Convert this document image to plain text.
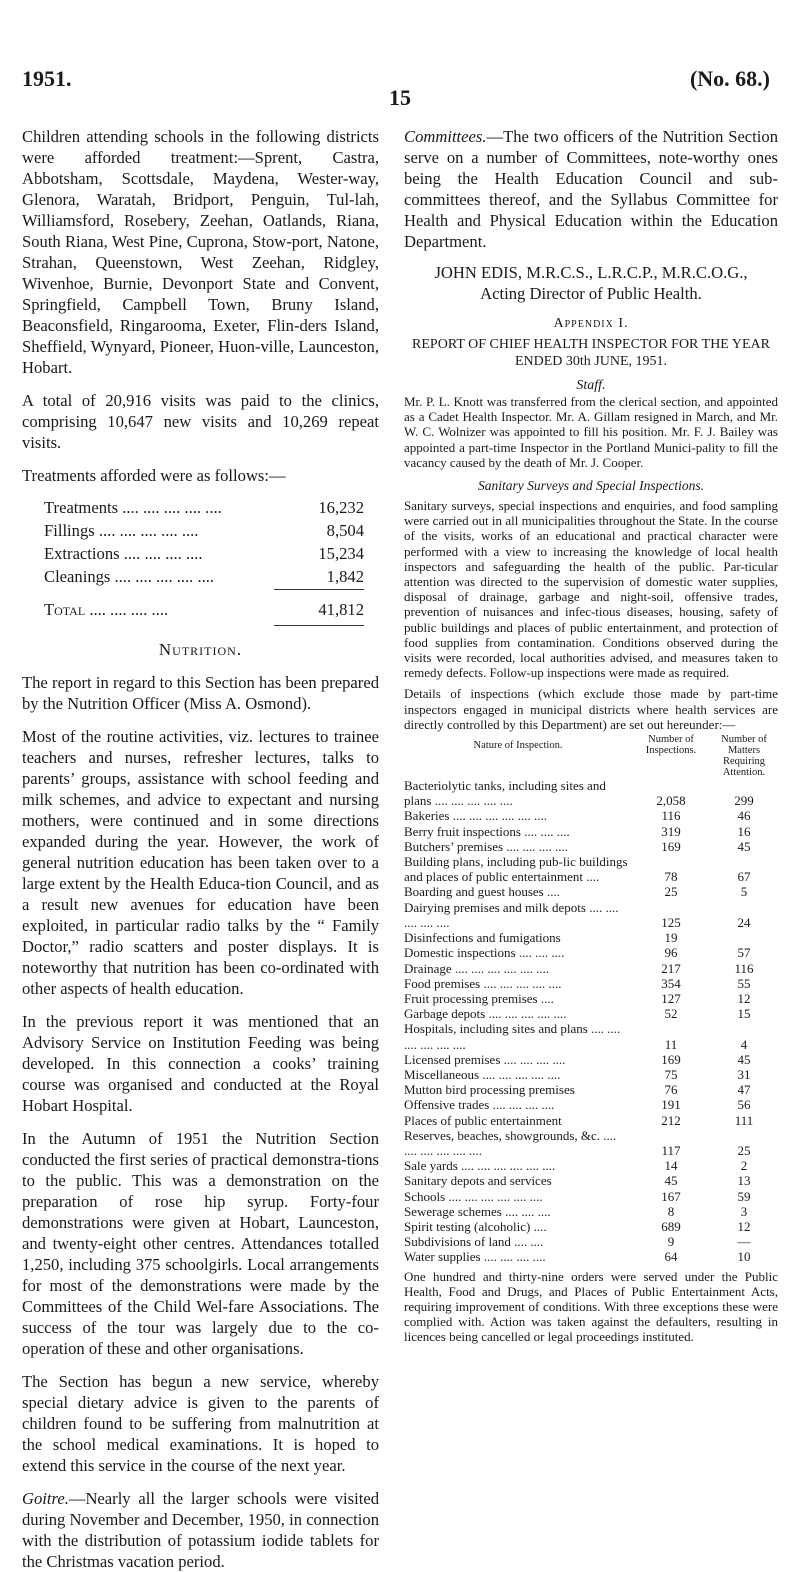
1951.
15
(No. 68.)

Children attending schools in the following districts were afforded treatment:—Sprent, Castra, Abbotsham, Scottsdale, Maydena, Wester-way, Glenora, Waratah, Bridport, Penguin, Tul-lah, Williamsford, Rosebery, Zeehan, Oatlands, Riana, South Riana, West Pine, Cuprona, Stow-port, Natone, Strahan, Queenstown, West Zeehan, Ridgley, Wivenhoe, Burnie, Devonport State and Convent, Springfield, Campbell Town, Bruny Island, Beaconsfield, Ringarooma, Exeter, Flin-ders Island, Sheffield, Wynyard, Pioneer, Huon-ville, Launceston, Hobart.

A total of 20,916 visits was paid to the clinics, comprising 10,647 new visits and 10,269 repeat visits.

Treatments afforded were as follows:—

Treatments .... .... .... .... ....	16,232
Fillings .... .... .... .... ....	8,504
Extractions .... .... .... ....	15,234
Cleanings .... .... .... .... ....	1,842

Total .... .... .... ....	41,812

Nutrition.

The report in regard to this Section has been prepared by the Nutrition Officer (Miss A. Osmond).

Most of the routine activities, viz. lectures to trainee teachers and nurses, refresher lectures, talks to parents’ groups, assistance with school feeding and milk schemes, and advice to expectant and nursing mothers, were continued and in some directions expanded during the year. However, the work of general nutrition education has been taken over to a large extent by the Health Educa-tion Council, and as a result new avenues for education have been exploited, in particular radio talks by the “ Family Doctor,” radio scatters and poster displays. It is noteworthy that nutrition has been co-ordinated with other aspects of health education.

In the previous report it was mentioned that an Advisory Service on Institution Feeding was being developed. In this connection a cooks’ training course was organised and conducted at the Royal Hobart Hospital.

In the Autumn of 1951 the Nutrition Section conducted the first series of practical demonstra-tions to the public. This was a demonstration on the preparation of rose hip syrup. Forty-four demonstrations were given at Hobart, Launceston, and twenty-eight other centres. Attendances totalled 1,250, including 375 schoolgirls. Local arrangements for most of the demonstrations were made by the Committees of the Child Wel-fare Associations. The success of the tour was largely due to the co-operation of these and other organisations.

The Section has begun a new service, whereby special dietary advice is given to the parents of children found to be suffering from malnutrition at the school medical examinations. It is hoped to extend this service in the course of the next year.

Goitre.—Nearly all the larger schools were visited during November and December, 1950, in connection with the distribution of potassium iodide tablets for the Christmas vacation period.

Committees.—The two officers of the Nutrition Section serve on a number of Committees, note-worthy ones being the Health Education Council and sub-committees thereof, and the Syllabus Committee for Health and Physical Education within the Education Department.

JOHN EDIS, M.R.C.S., L.R.C.P., M.R.C.O.G.,

Acting Director of Public Health.

Appendix I.

REPORT OF CHIEF HEALTH INSPECTOR FOR THE YEAR ENDED 30th JUNE, 1951.

Staff.

Mr. P. L. Knott was transferred from the clerical section, and appointed as a Cadet Health Inspector. Mr. A. Gillam resigned in March, and Mr. W. C. Wolnizer was appointed to fill his position. Mr. F. J. Bailey was appointed a part-time Inspector in the Portland Munici-pality to fill the vacancy caused by the death of Mr. J. Cooper.

Sanitary Surveys and Special Inspections.

Sanitary surveys, special inspections and enquiries, and food sampling were carried out in all municipalities throughout the State. In the course of the visits, works of an educational and practical character were performed with a view to increasing the knowledge of local health inspectors and safeguarding the health of the public. Par-ticular attention was directed to the supervision of domestic water supplies, disposal of drainage, garbage and night-soil, offensive trades, prevention of nuisances and infec-tious diseases, housing, safety of public buildings and places of public entertainment, and protection of food supplies from contamination. Conditions observed during the visits were recorded, local authorities advised, and measures taken to remedy defects. Follow-up inspections were made as required.

Details of inspections (which exclude those made by part-time inspectors engaged in municipal districts where health services are directly controlled by this Department) are set out hereunder:—

Nature of Inspection.	Number of Inspections.	Number of Matters Requiring Attention.
Bacteriolytic tanks, including sites and plans .... .... .... .... ....	2,058	299
Bakeries .... .... .... .... .... ....	116	46
Berry fruit inspections .... .... ....	319	16
Butchers’ premises .... .... .... ....	169	45
Building plans, including pub-lic buildings and places of public entertainment ....	78	67
Boarding and guest houses ....	25	5
Dairying premises and milk depots .... .... .... .... ....	125	24
Disinfections and fumigations	19	
Domestic inspections .... .... ....	96	57
Drainage .... .... .... .... .... ....	217	116
Food premises .... .... .... .... ....	354	55
Fruit processing premises ....	127	12
Garbage depots .... .... .... .... ....	52	15
Hospitals, including sites and plans .... .... .... .... .... ....	11	4
Licensed premises .... .... .... ....	169	45
Miscellaneous .... .... .... .... ....	75	31
Mutton bird processing premises	76	47
Offensive trades .... .... .... ....	191	56
Places of public entertainment	212	111
Reserves, beaches, showgrounds, &c. .... .... .... .... .... ....	117	25
Sale yards .... .... .... .... .... ....	14	2
Sanitary depots and services	45	13
Schools .... .... .... .... .... ....	167	59
Sewerage schemes .... .... ....	8	3
Spirit testing (alcoholic) ....	689	12
Subdivisions of land .... ....	9	—
Water supplies .... .... .... ....	64	10

One hundred and thirty-nine orders were served under the Public Health, Food and Drugs, and Places of Public Entertainment Acts, requiring improvement of conditions. With three exceptions these were complied with. Action was taken against the defaulters, resulting in licences being cancelled or legal proceedings instituted.
